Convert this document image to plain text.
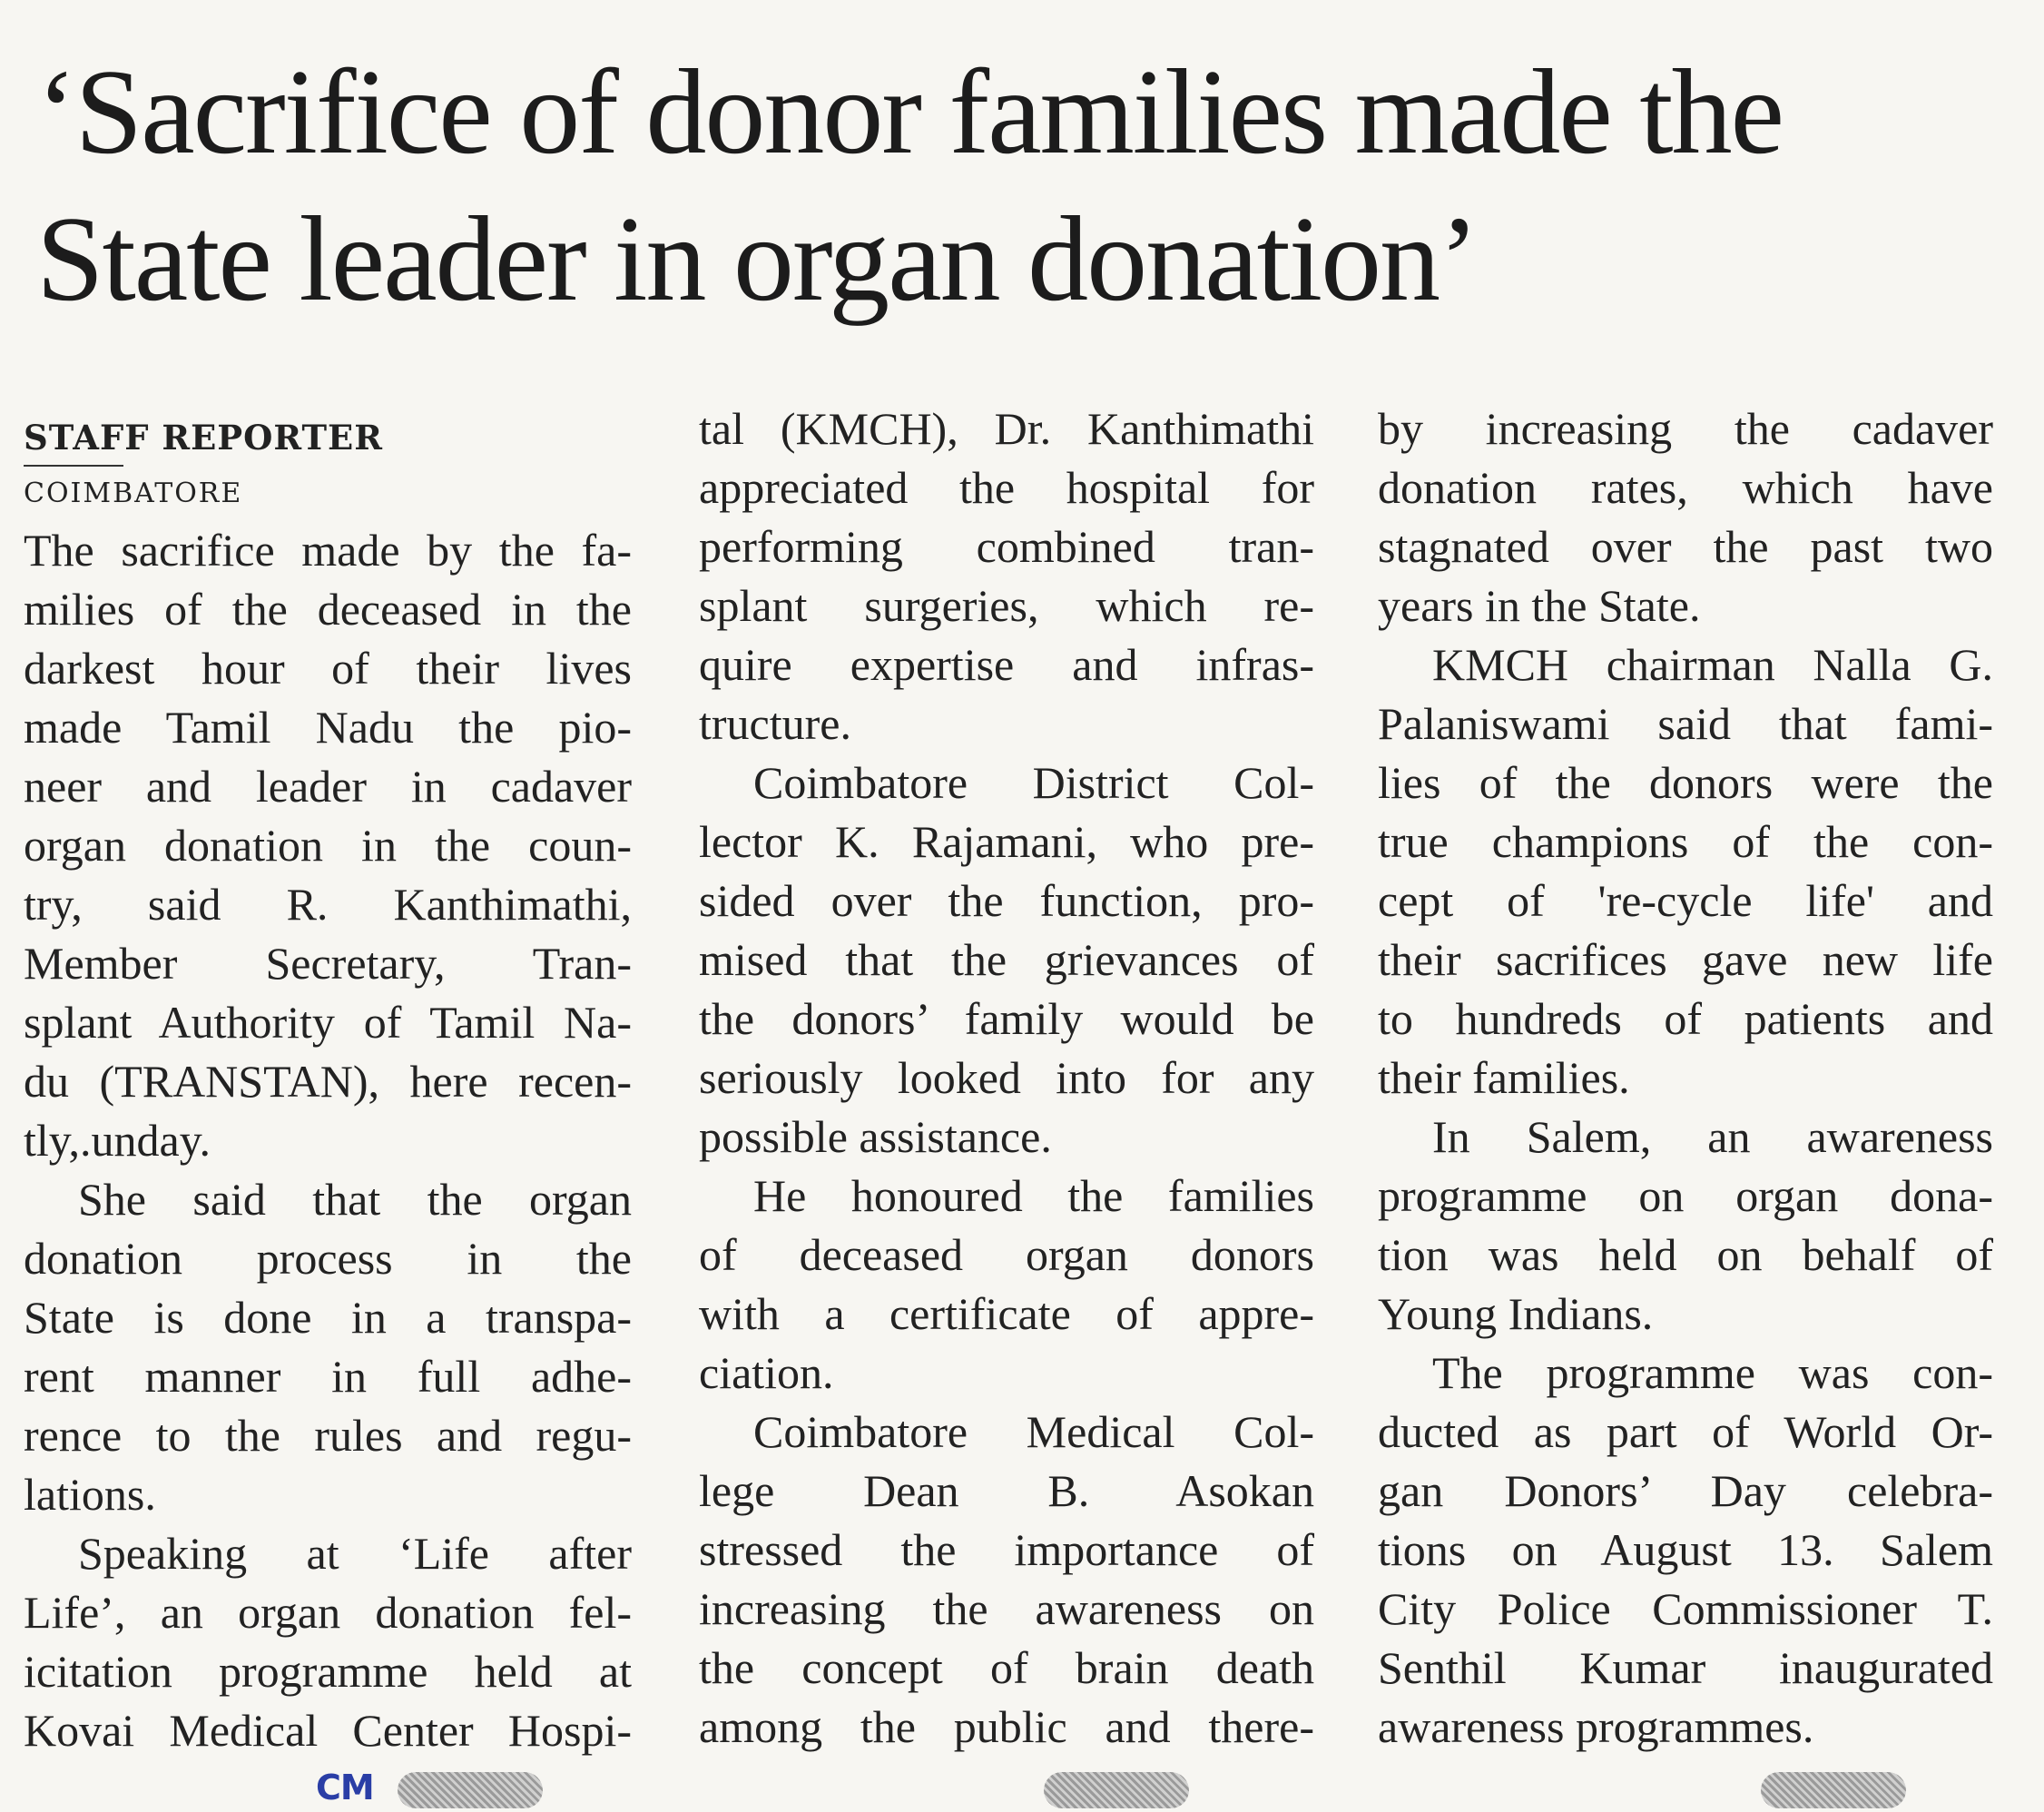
‘Sacrifice of donor families made the
State leader in organ donation’
STAFF REPORTER
COIMBATORE
The sacrifice made by the fa-
milies of the deceased in the
darkest hour of their lives
made Tamil Nadu the pio-
neer and leader in cadaver
organ donation in the coun-
try, said R. Kanthimathi,
Member Secretary, Tran-
splant Authority of Tamil Na-
du (TRANSTAN), here recen-
tly,.unday.
She said that the organ
donation process in the
State is done in a transpa-
rent manner in full adhe-
rence to the rules and regu-
lations.
Speaking at ‘Life after
Life’, an organ donation fel-
icitation programme held at
Kovai Medical Center Hospi-
tal (KMCH), Dr. Kanthimathi
appreciated the hospital for
performing combined tran-
splant surgeries, which re-
quire expertise and infras-
tructure.
Coimbatore District Col-
lector K. Rajamani, who pre-
sided over the function, pro-
mised that the grievances of
the donors’ family would be
seriously looked into for any
possible assistance.
He honoured the families
of deceased organ donors
with a certificate of appre-
ciation.
Coimbatore Medical Col-
lege Dean B. Asokan
stressed the importance of
increasing the awareness on
the concept of brain death
among the public and there-
by increasing the cadaver
donation rates, which have
stagnated over the past two
years in the State.
KMCH chairman Nalla G.
Palaniswami said that fami-
lies of the donors were the
true champions of the con-
cept of 're-cycle life' and
their sacrifices gave new life
to hundreds of patients and
their families.
In Salem, an awareness
programme on organ dona-
tion was held on behalf of
Young Indians.
The programme was con-
ducted as part of World Or-
gan Donors’ Day celebra-
tions on August 13. Salem
City Police Commissioner T.
Senthil Kumar inaugurated
awareness programmes.
CM
